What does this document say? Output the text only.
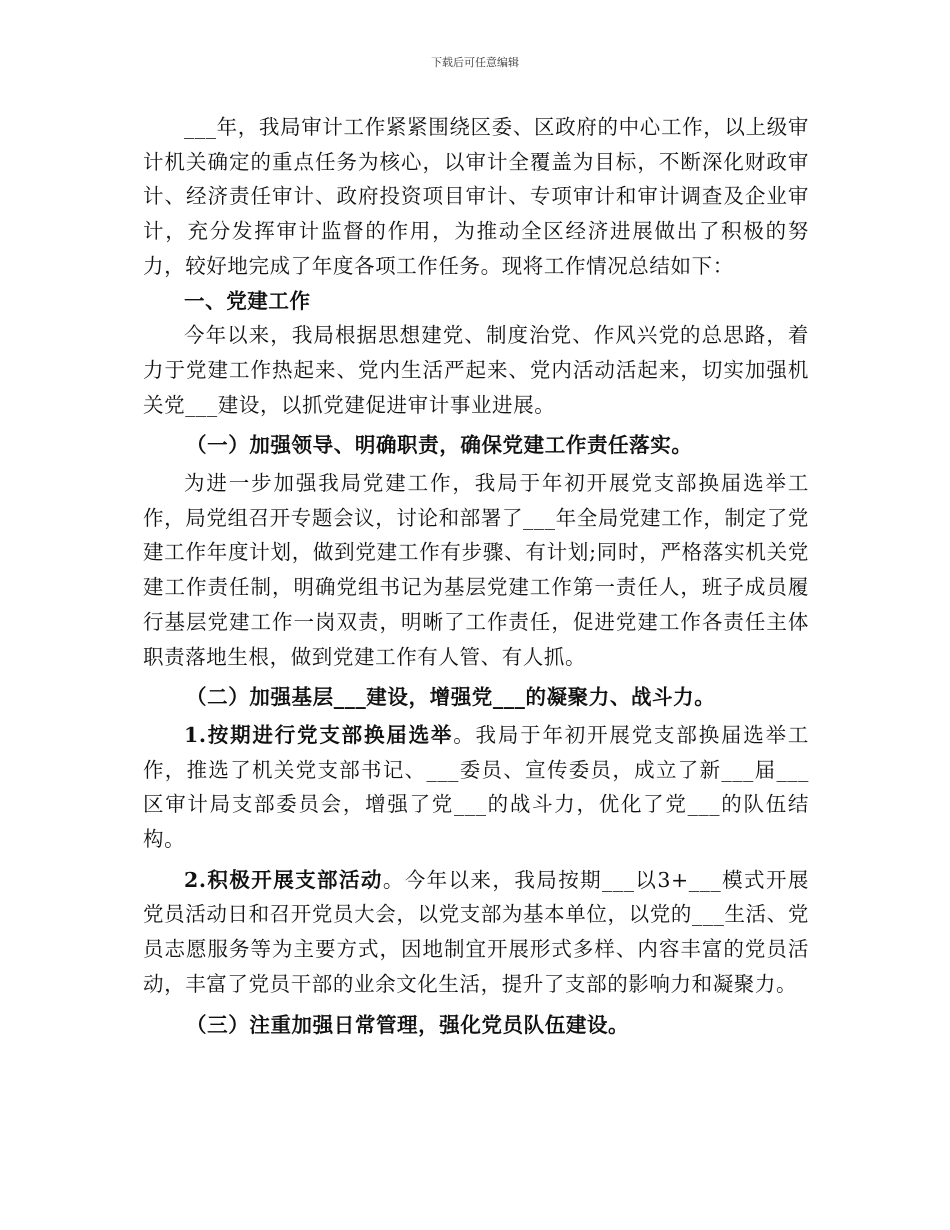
下载后可任意编辑

___年，我局审计工作紧紧围绕区委、区政府的中心工作，以上级审计机关确定的重点任务为核心，以审计全覆盖为目标，不断深化财政审计、经济责任审计、政府投资项目审计、专项审计和审计调查及企业审计，充分发挥审计监督的作用，为推动全区经济进展做出了积极的努力，较好地完成了年度各项工作任务。现将工作情况总结如下：

一、党建工作

今年以来，我局根据思想建党、制度治党、作风兴党的总思路，着力于党建工作热起来、党内生活严起来、党内活动活起来，切实加强机关党___建设，以抓党建促进审计事业进展。

（一）加强领导、明确职责，确保党建工作责任落实。

为进一步加强我局党建工作，我局于年初开展党支部换届选举工作，局党组召开专题会议，讨论和部署了___年全局党建工作，制定了党建工作年度计划，做到党建工作有步骤、有计划;同时，严格落实机关党建工作责任制，明确党组书记为基层党建工作第一责任人，班子成员履行基层党建工作一岗双责，明晰了工作责任，促进党建工作各责任主体职责落地生根，做到党建工作有人管、有人抓。

（二）加强基层___建设，增强党___的凝聚力、战斗力。

1.按期进行党支部换届选举。我局于年初开展党支部换届选举工作，推选了机关党支部书记、___委员、宣传委员，成立了新___届___区审计局支部委员会，增强了党___的战斗力，优化了党___的队伍结构。

2.积极开展支部活动。今年以来，我局按期___以3+___模式开展党员活动日和召开党员大会，以党支部为基本单位，以党的___生活、党员志愿服务等为主要方式，因地制宜开展形式多样、内容丰富的党员活动，丰富了党员干部的业余文化生活，提升了支部的影响力和凝聚力。

（三）注重加强日常管理，强化党员队伍建设。
